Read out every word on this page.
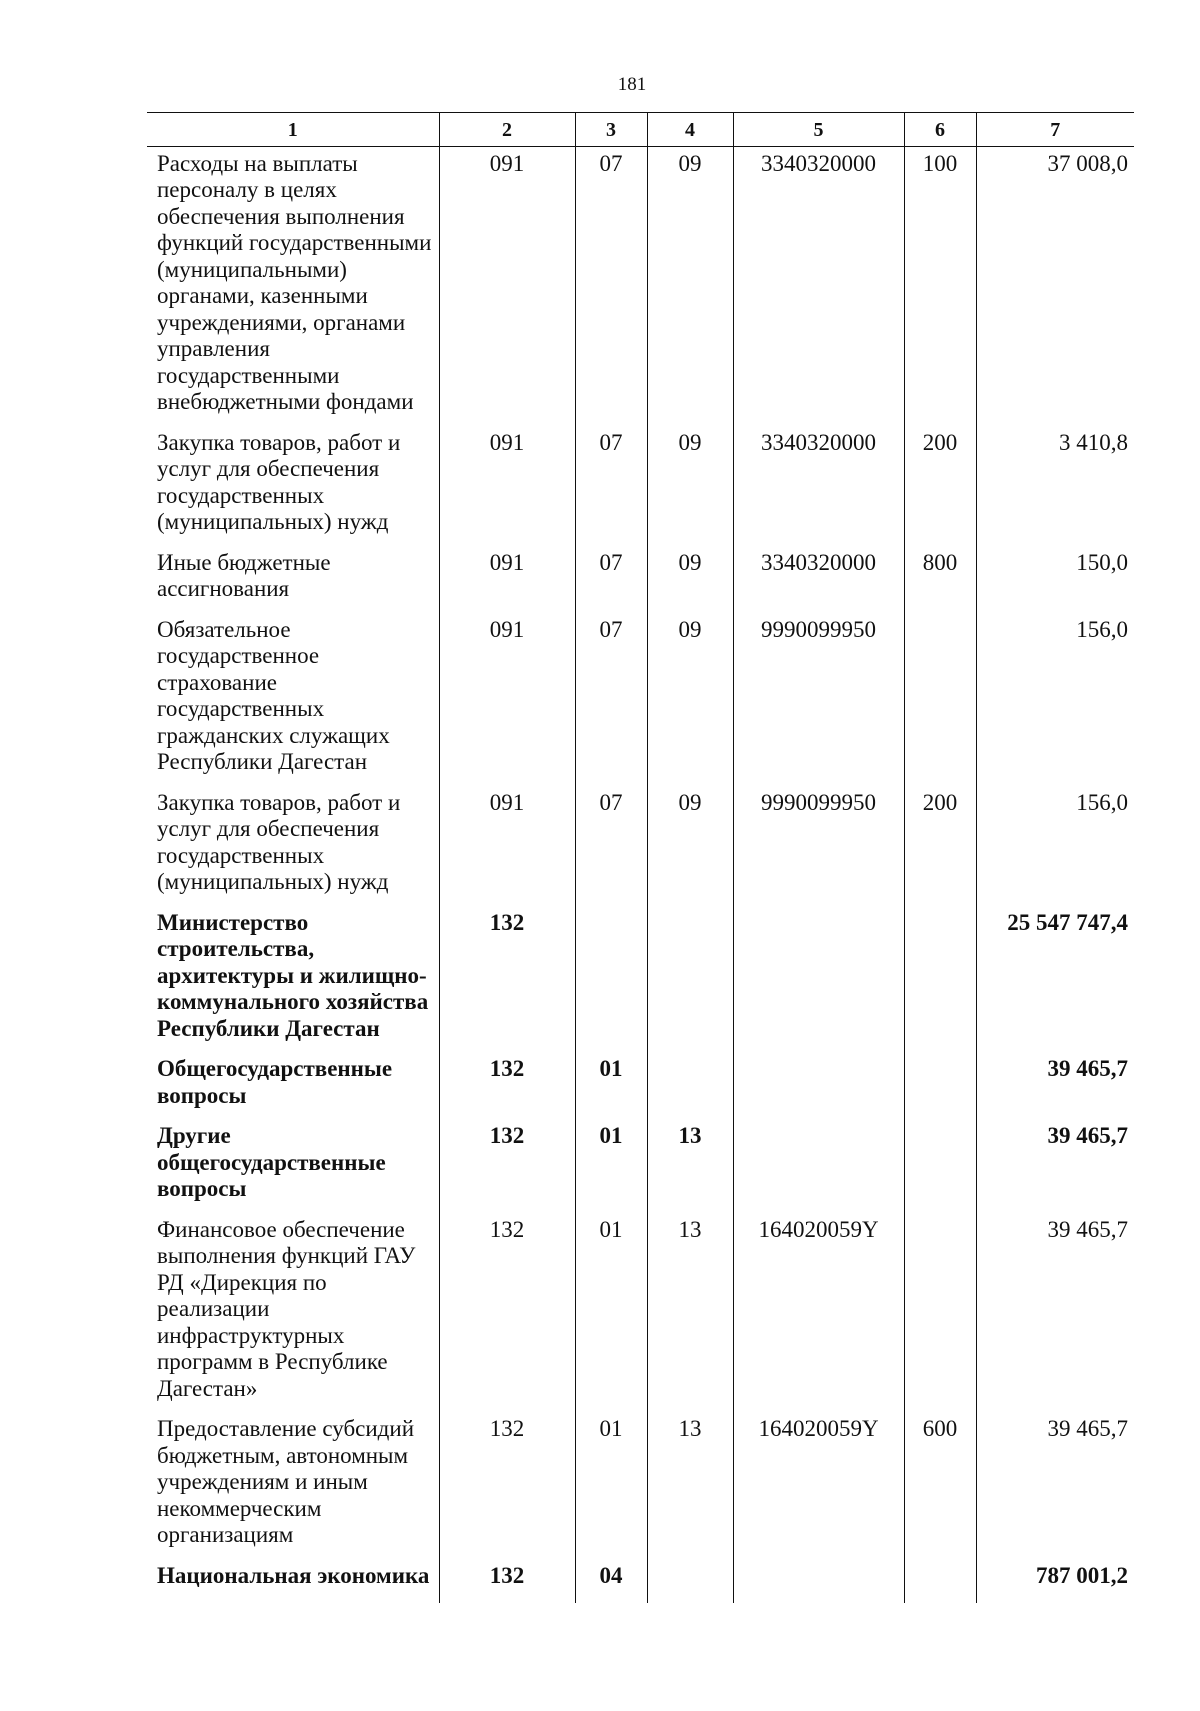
181
1	2	3	4	5	6	7
Расходы на выплаты персоналу в целях обеспечения выполнения функций государственными (муниципальными) органами, казенными учреждениями, органами управления государственными внебюджетными фондами	091	07	09	3340320000	100	37 008,0
Закупка товаров, работ и услуг для обеспечения государственных (муниципальных) нужд	091	07	09	3340320000	200	3 410,8
Иные бюджетные ассигнования	091	07	09	3340320000	800	150,0
Обязательное государственное страхование государственных гражданских служащих Республики Дагестан	091	07	09	9990099950		156,0
Закупка товаров, работ и услуг для обеспечения государственных (муниципальных) нужд	091	07	09	9990099950	200	156,0
Министерство строительства, архитектуры и жилищно-коммунального хозяйства Республики Дагестан	132					25 547 747,4
Общегосударственные вопросы	132	01				39 465,7
Другие общегосударственные вопросы	132	01	13			39 465,7
Финансовое обеспечение выполнения функций ГАУ РД «Дирекция по реализации инфраструктурных программ в Республике Дагестан»	132	01	13	164020059Y		39 465,7
Предоставление субсидий бюджетным, автономным учреждениям и иным некоммерческим организациям	132	01	13	164020059Y	600	39 465,7
Национальная экономика	132	04				787 001,2
